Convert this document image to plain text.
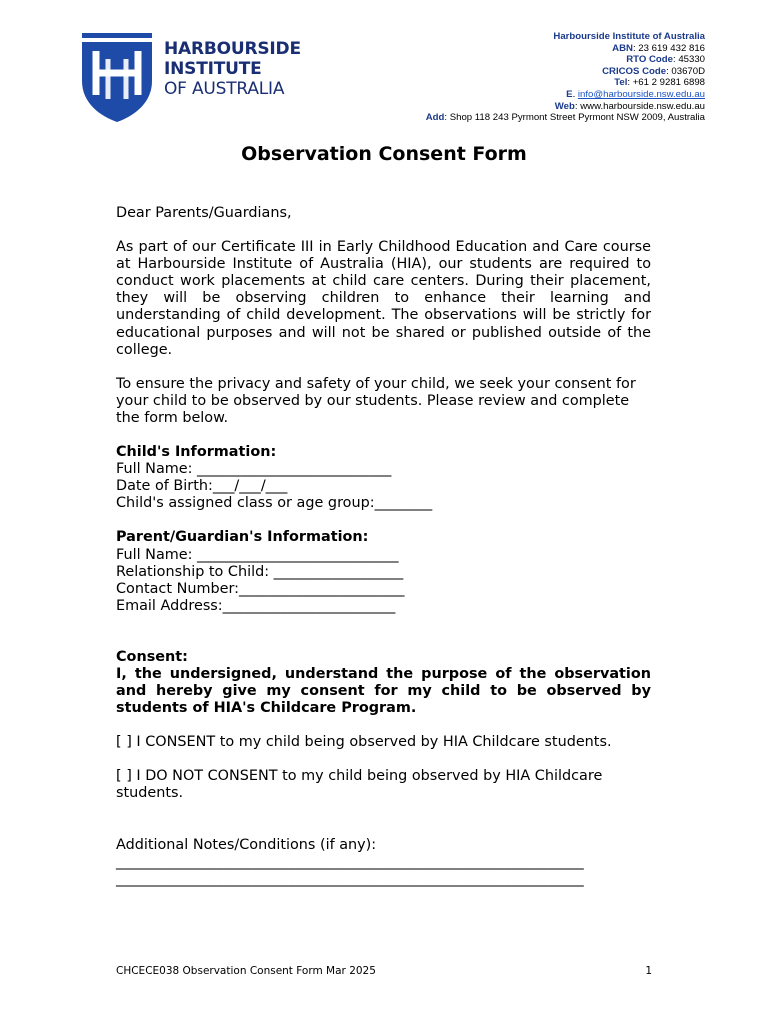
HARBOURSIDE
INSTITUTE
OF AUSTRALIA
Harbourside Institute of Australia
ABN: 23 619 432 816
RTO Code: 45330
CRICOS Code: 03670D
Tel: +61 2 9281 6898
E. info@harbourside.nsw.edu.au
Web: www.harbourside.nsw.edu.au
Add: Shop 118 243 Pyrmont Street Pyrmont NSW 2009, Australia
Observation Consent Form

Dear Parents/Guardians,

As part of our Certificate III in Early Childhood Education and Care course at Harbourside Institute of Australia (HIA), our students are required to conduct work placements at child care centers. During their placement, they will be observing children to enhance their learning and understanding of child development. The observations will be strictly for educational purposes and will not be shared or published outside of the college.

To ensure the privacy and safety of your child, we seek your consent for your child to be observed by our students. Please review and complete the form below.

Child's Information:

Full Name: ___________________________

Date of Birth:___/___/___

Child's assigned class or age group:________

Parent/Guardian's Information:

Full Name: ____________________________

Relationship to Child: __________________

Contact Number:_______________________

Email Address:________________________

Consent:

I, the undersigned, understand the purpose of the observation and hereby give my consent for my child to be observed by students of HIA's Childcare Program.

[ ] I CONSENT to my child being observed by HIA Childcare students.

[ ] I DO NOT CONSENT to my child being observed by HIA Childcare students.

Additional Notes/Conditions (if any):

_________________________________________________________________

_________________________________________________________________

CHCECE038 Observation Consent Form Mar 2025	1
